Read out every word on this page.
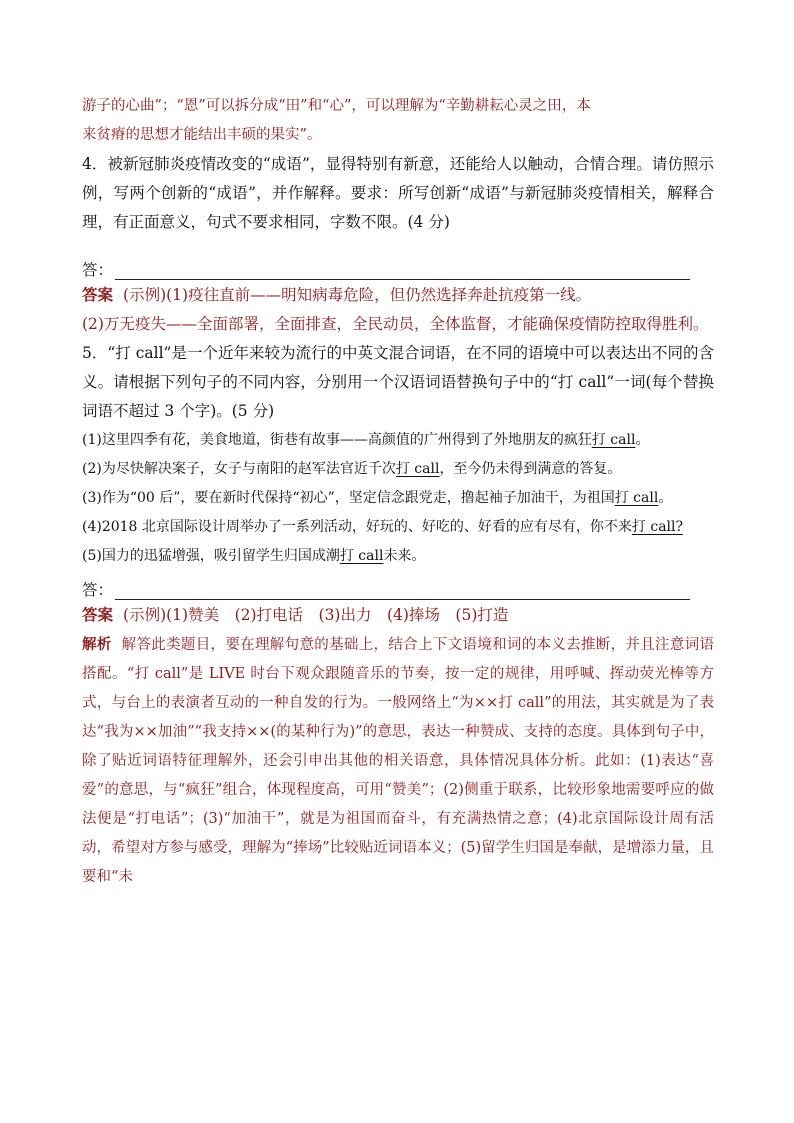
游子的心曲”；“恩”可以拆分成“田”和“心”，可以理解为“辛勤耕耘心灵之田，本
来贫瘠的思想才能结出丰硕的果实”。
4．被新冠肺炎疫情改变的“成语”，显得特别有新意，还能给人以触动，合情合理。请仿照示例，写两个创新的“成语”，并作解释。要求：所写创新“成语”与新冠肺炎疫情相关，解释合理，有正面意义，句式不要求相同，字数不限。(4 分)
答：
答案 (示例)(1)疫往直前——明知病毒危险，但仍然选择奔赴抗疫第一线。
(2)万无疫失——全面部署，全面排查，全民动员，全体监督，才能确保疫情防控取得胜利。
5．“打 call”是一个近年来较为流行的中英文混合词语，在不同的语境中可以表达出不同的含义。请根据下列句子的不同内容，分别用一个汉语词语替换句子中的“打 call”一词(每个替换词语不超过 3 个字)。(5 分)
(1)这里四季有花，美食地道，街巷有故事——高颜值的广州得到了外地朋友的疯狂打 call。
(2)为尽快解决案子，女子与南阳的赵军法官近千次打 call，至今仍未得到满意的答复。
(3)作为“00 后”，要在新时代保持“初心”，坚定信念跟党走，撸起袖子加油干，为祖国打 call。
(4)2018 北京国际设计周举办了一系列活动，好玩的、好吃的、好看的应有尽有，你不来打 call?
(5)国力的迅猛增强，吸引留学生归国成潮打 call未来。
答：
答案 (示例)(1)赞美　(2)打电话　(3)出力　(4)捧场　(5)打造
解析 解答此类题目，要在理解句意的基础上，结合上下文语境和词的本义去推断，并且注意词语搭配。“打 call”是 LIVE 时台下观众跟随音乐的节奏，按一定的规律，用呼喊、挥动荧光棒等方式，与台上的表演者互动的一种自发的行为。一般网络上“为××打 call”的用法，其实就是为了表达“我为××加油”“我支持××(的某种行为)”的意思，表达一种赞成、支持的态度。具体到句子中，除了贴近词语特征理解外，还会引申出其他的相关语意，具体情况具体分析。此如：(1)表达“喜爱”的意思，与“疯狂”组合，体现程度高，可用“赞美”；(2)侧重于联系，比较形象地需要呼应的做法便是“打电话”；(3)“加油干”，就是为祖国而奋斗，有充满热情之意；(4)北京国际设计周有活动，希望对方参与感受，理解为“捧场”比较贴近词语本义；(5)留学生归国是奉献，是增添力量，且要和“未
